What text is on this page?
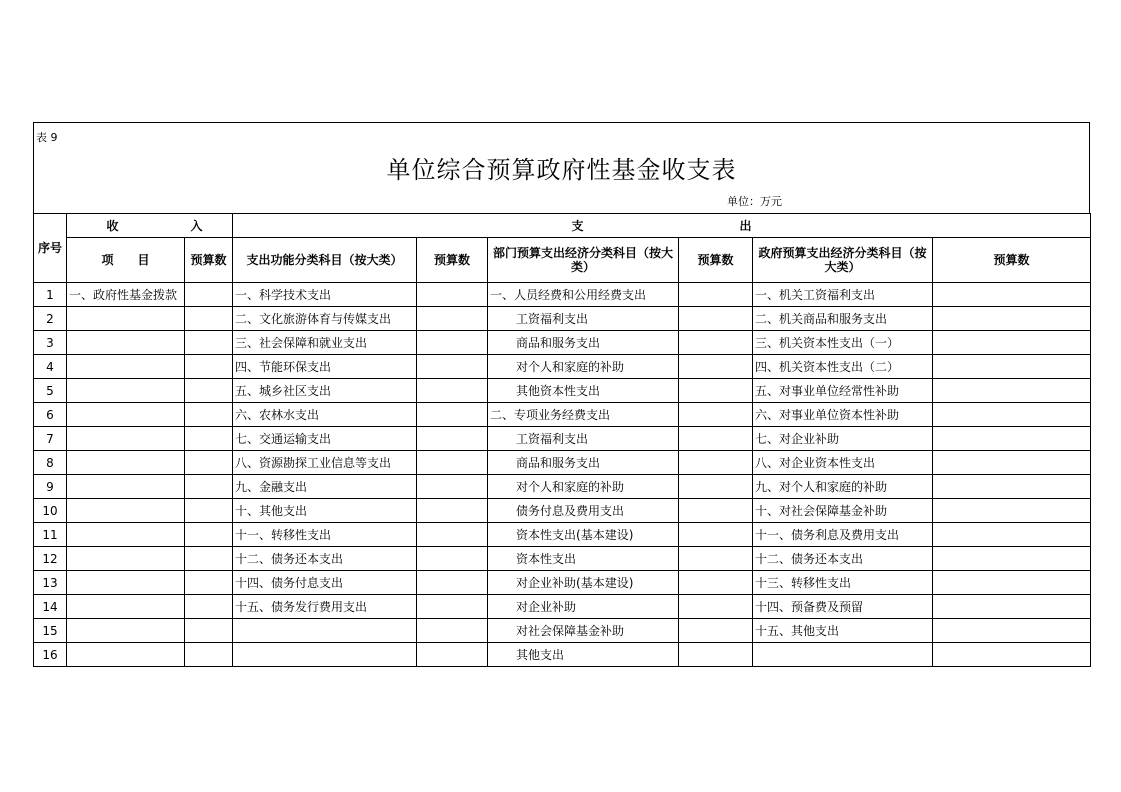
表 9
单位综合预算政府性基金收支表
单位：万元
序号	收　　　　　　入		支　　　　　　　　　　　　　出					
	项　　目	预算数	支出功能分类科目（按大类）	预算数	部门预算支出经济分类科目（按大类）	预算数	政府预算支出经济分类科目（按大类）	预算数
1	一、政府性基金拨款		一、科学技术支出		一、人员经费和公用经费支出		一、机关工资福利支出	
2			二、文化旅游体育与传媒支出		工资福利支出		二、机关商品和服务支出	
3			三、社会保障和就业支出		商品和服务支出		三、机关资本性支出（一）	
4			四、节能环保支出		对个人和家庭的补助		四、机关资本性支出（二）	
5			五、城乡社区支出		其他资本性支出		五、对事业单位经常性补助	
6			六、农林水支出		二、专项业务经费支出		六、对事业单位资本性补助	
7			七、交通运输支出		工资福利支出		七、对企业补助	
8			八、资源勘探工业信息等支出		商品和服务支出		八、对企业资本性支出	
9			九、金融支出		对个人和家庭的补助		九、对个人和家庭的补助	
10			十、其他支出		债务付息及费用支出		十、对社会保障基金补助	
11			十一、转移性支出		资本性支出(基本建设)		十一、债务利息及费用支出	
12			十二、债务还本支出		资本性支出		十二、债务还本支出	
13			十四、债务付息支出		对企业补助(基本建设)		十三、转移性支出	
14			十五、债务发行费用支出		对企业补助		十四、预备费及预留	
15					对社会保障基金补助		十五、其他支出	
16					其他支出			
